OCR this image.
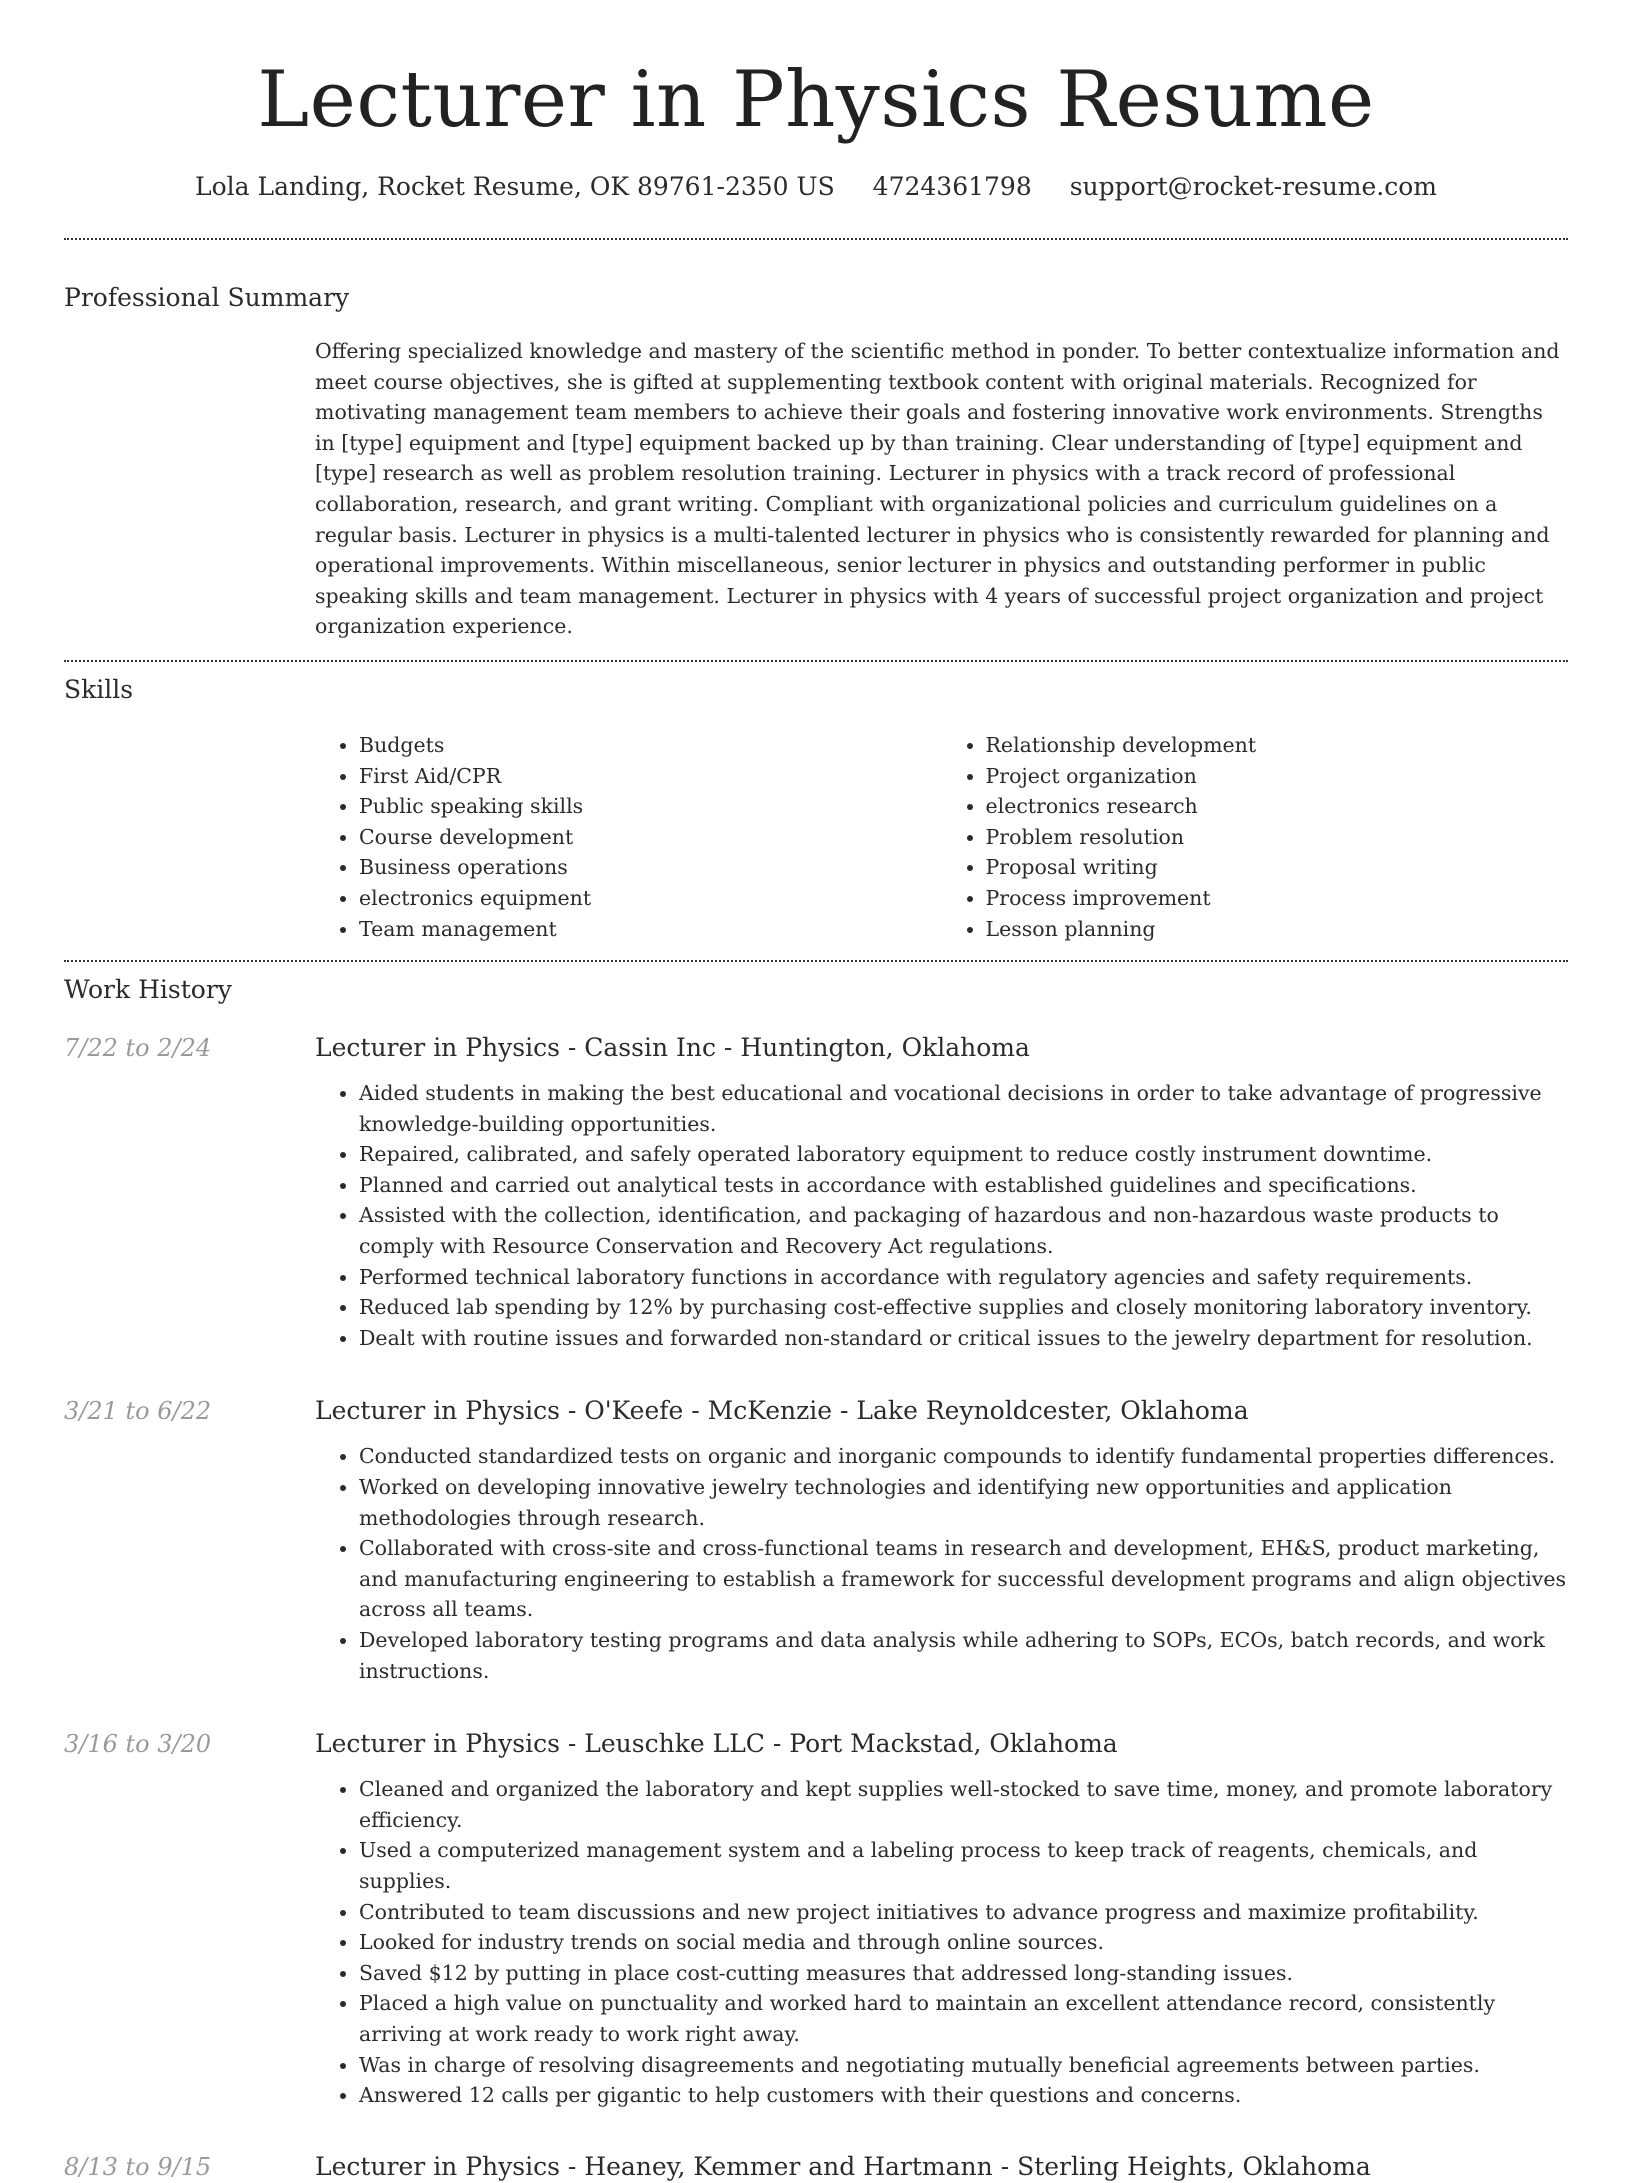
Lecturer in Physics Resume
Lola Landing, Rocket Resume, OK 89761-2350 US 4724361798 support@rocket-resume.com
Professional Summary

Offering specialized knowledge and mastery of the scientific method in ponder. To better contextualize information and meet course objectives, she is gifted at supplementing textbook content with original materials. Recognized for motivating management team members to achieve their goals and fostering innovative work environments. Strengths in [type] equipment and [type] equipment backed up by than training. Clear understanding of [type] equipment and [type] research as well as problem resolution training. Lecturer in physics with a track record of professional collaboration, research, and grant writing. Compliant with organizational policies and curriculum guidelines on a regular basis. Lecturer in physics is a multi-talented lecturer in physics who is consistently rewarded for planning and operational improvements. Within miscellaneous, senior lecturer in physics and outstanding performer in public speaking skills and team management. Lecturer in physics with 4 years of successful project organization and project organization experience.

Skills
• Budgets
• First Aid/CPR
• Public speaking skills
• Course development
• Business operations
• electronics equipment
• Team management
• Relationship development
• Project organization
• electronics research
• Problem resolution
• Proposal writing
• Process improvement
• Lesson planning
Work History
7/22 to 2/24	Lecturer in Physics - Cassin Inc - Huntington, Oklahoma
• Aided students in making the best educational and vocational decisions in order to take advantage of progressive knowledge-building opportunities.
• Repaired, calibrated, and safely operated laboratory equipment to reduce costly instrument downtime.
• Planned and carried out analytical tests in accordance with established guidelines and specifications.
• Assisted with the collection, identification, and packaging of hazardous and non-hazardous waste products to comply with Resource Conservation and Recovery Act regulations.
• Performed technical laboratory functions in accordance with regulatory agencies and safety requirements.
• Reduced lab spending by 12% by purchasing cost-effective supplies and closely monitoring laboratory inventory.
• Dealt with routine issues and forwarded non-standard or critical issues to the jewelry department for resolution.
3/21 to 6/22	Lecturer in Physics - O'Keefe - McKenzie - Lake Reynoldcester, Oklahoma
• Conducted standardized tests on organic and inorganic compounds to identify fundamental properties differences.
• Worked on developing innovative jewelry technologies and identifying new opportunities and application methodologies through research.
• Collaborated with cross-site and cross-functional teams in research and development, EH&S, product marketing, and manufacturing engineering to establish a framework for successful development programs and align objectives across all teams.
• Developed laboratory testing programs and data analysis while adhering to SOPs, ECOs, batch records, and work instructions.
3/16 to 3/20	Lecturer in Physics - Leuschke LLC - Port Mackstad, Oklahoma
• Cleaned and organized the laboratory and kept supplies well-stocked to save time, money, and promote laboratory efficiency.
• Used a computerized management system and a labeling process to keep track of reagents, chemicals, and supplies.
• Contributed to team discussions and new project initiatives to advance progress and maximize profitability.
• Looked for industry trends on social media and through online sources.
• Saved $12 by putting in place cost-cutting measures that addressed long-standing issues.
• Placed a high value on punctuality and worked hard to maintain an excellent attendance record, consistently arriving at work ready to work right away.
• Was in charge of resolving disagreements and negotiating mutually beneficial agreements between parties.
• Answered 12 calls per gigantic to help customers with their questions and concerns.
8/13 to 9/15	Lecturer in Physics - Heaney, Kemmer and Hartmann - Sterling Heights, Oklahoma
